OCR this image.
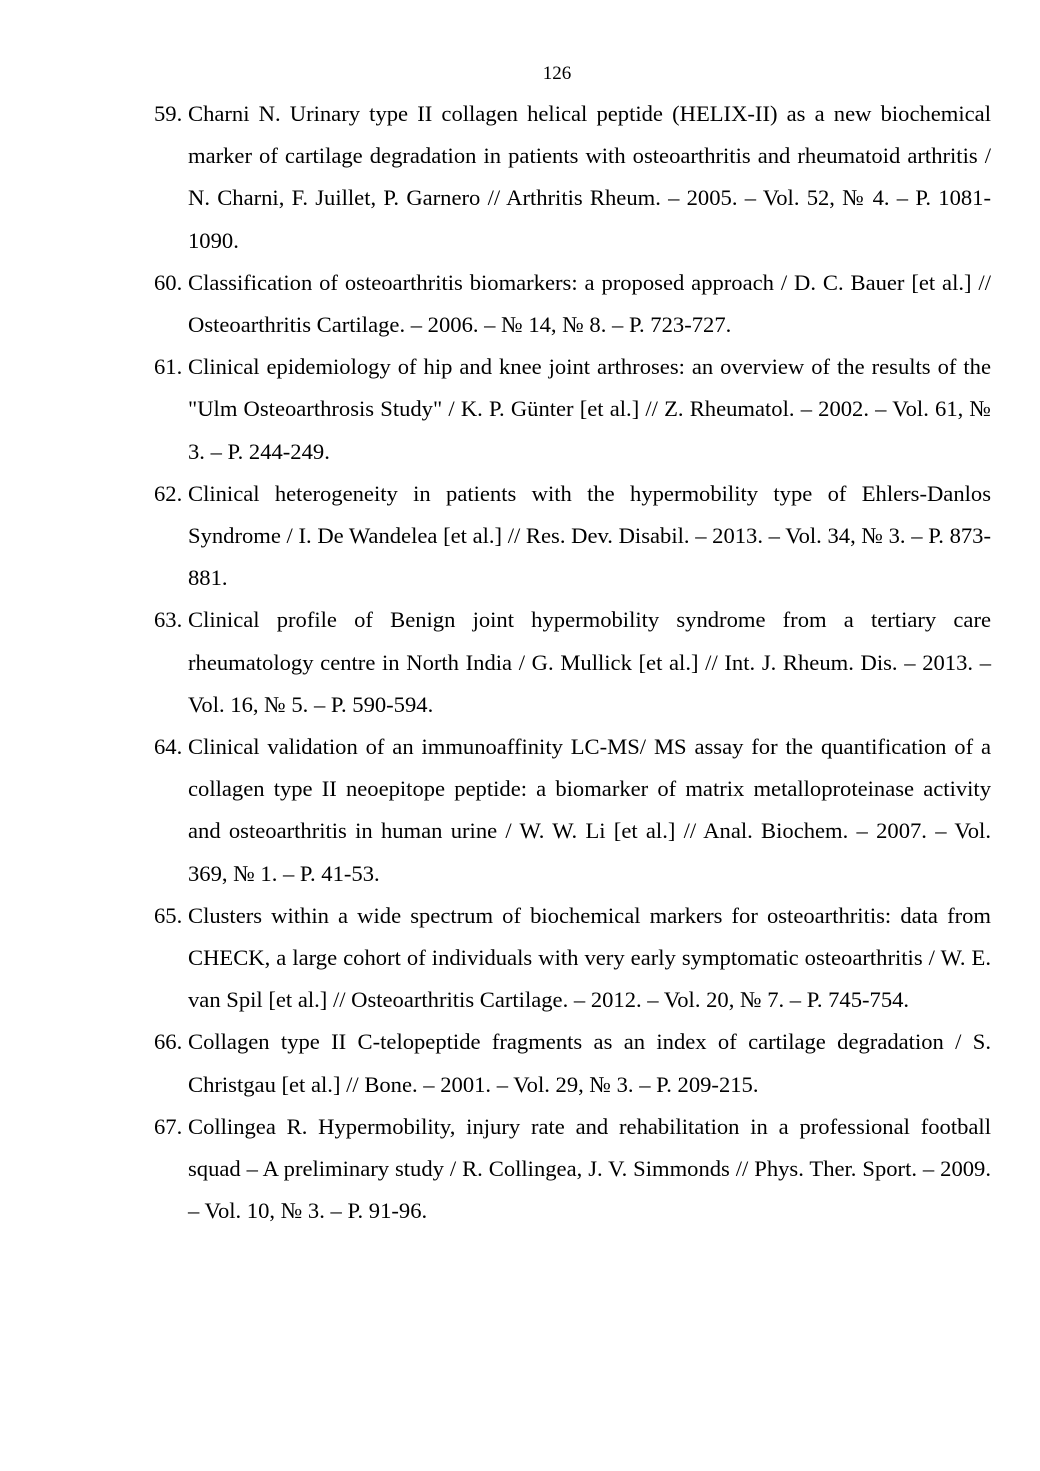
126
59. Charni N. Urinary type II collagen helical peptide (HELIX-II) as a new biochemical marker of cartilage degradation in patients with osteoarthritis and rheumatoid arthritis / N. Charni, F. Juillet, P. Garnero // Arthritis Rheum. – 2005. – Vol. 52, № 4. – P. 1081-1090.
60. Classification of osteoarthritis biomarkers: a proposed approach / D. C. Bauer [et al.] // Osteoarthritis Cartilage. – 2006. – № 14, № 8. – P. 723-727.
61. Clinical epidemiology of hip and knee joint arthroses: an overview of the results of the "Ulm Osteoarthrosis Study" / K. P. Günter [et al.] // Z. Rheumatol. – 2002. – Vol. 61, № 3. – P. 244-249.
62. Clinical heterogeneity in patients with the hypermobility type of Ehlers-Danlos Syndrome / I. De Wandelea [et al.] // Res. Dev. Disabil. – 2013. – Vol. 34, № 3. – P. 873-881.
63. Clinical profile of Benign joint hypermobility syndrome from a tertiary care rheumatology centre in North India / G. Mullick [et al.] // Int. J. Rheum. Dis. – 2013. – Vol. 16, № 5. – P. 590-594.
64. Clinical validation of an immunoaffinity LC-MS/ MS assay for the quantification of a collagen type II neoepitope peptide: a biomarker of matrix metalloproteinase activity and osteoarthritis in human urine / W. W. Li [et al.] // Anal. Biochem. – 2007. – Vol. 369, № 1. – P. 41-53.
65. Clusters within a wide spectrum of biochemical markers for osteoarthritis: data from CHECK, a large cohort of individuals with very early symptomatic osteoarthritis / W. E. van Spil [et al.] // Osteoarthritis Cartilage. – 2012. – Vol. 20, № 7. – P. 745-754.
66. Collagen type II C-telopeptide fragments as an index of cartilage degradation / S. Christgau [et al.] // Bone. – 2001. – Vol. 29, № 3. – P. 209-215.
67. Collingea R. Hypermobility, injury rate and rehabilitation in a professional football squad – A preliminary study / R. Collingea, J. V. Simmonds // Phys. Ther. Sport. – 2009. – Vol. 10, № 3. – P. 91-96.
